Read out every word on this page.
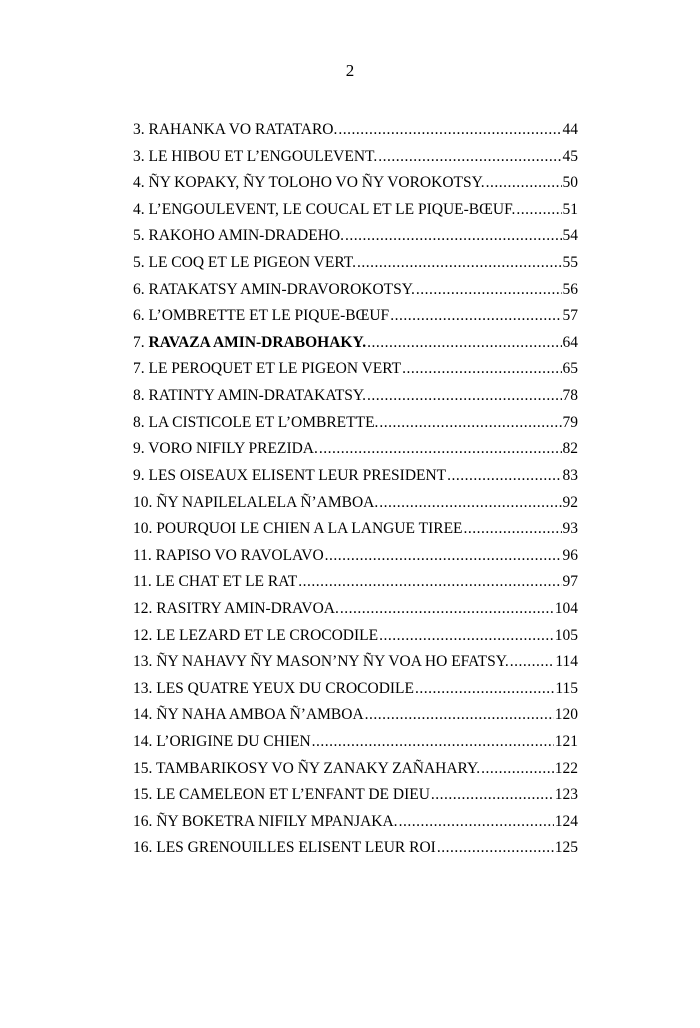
2
3. RAHANKA VO RATATARO. .....	44
3. LE HIBOU ET L’ENGOULEVENT. .....	45
4. ÑY KOPAKY, ÑY TOLOHO VO ÑY VOROKOTSY. .....	50
4. L’ENGOULEVENT, LE COUCAL ET LE PIQUE-BŒUF. .....	51
5. RAKOHO AMIN-DRADEHO. .....	54
5. LE COQ ET LE PIGEON VERT. .....	55
6. RATAKATSY AMIN-DRAVOROKOTSY. .....	56
6. L’OMBRETTE ET LE PIQUE-BŒUF .....	57
7. RAVAZA AMIN-DRABOHAKY. .....	64
7. LE PEROQUET ET LE PIGEON VERT .....	65
8. RATINTY AMIN-DRATAKATSY. .....	78
8. LA CISTICOLE ET L’OMBRETTE. .....	79
9. VORO NIFILY PREZIDA. .....	82
9. LES OISEAUX ELISENT LEUR PRESIDENT .....	83
10. ÑY NAPILELALELA Ñ’AMBOA. .....	92
10. POURQUOI LE CHIEN A LA LANGUE TIREE .....	93
11. RAPISO VO RAVOLAVO .....	96
11. LE CHAT ET LE RAT .....	97
12. RASITRY AMIN-DRAVOA. .....	104
12. LE LEZARD ET LE CROCODILE .....	105
13. ÑY NAHAVY ÑY MASON’NY ÑY VOA HO EFATSY. .....	114
13. LES QUATRE YEUX DU CROCODILE .....	115
14. ÑY NAHA AMBOA Ñ’AMBOA .....	120
14. L’ORIGINE DU CHIEN .....	121
15. TAMBARIKOSY VO ÑY ZANAKY ZAÑAHARY. .....	122
15. LE CAMELEON ET L’ENFANT DE DIEU .....	123
16. ÑY BOKETRA NIFILY MPANJAKA. .....	124
16. LES GRENOUILLES ELISENT LEUR ROI .....	125
